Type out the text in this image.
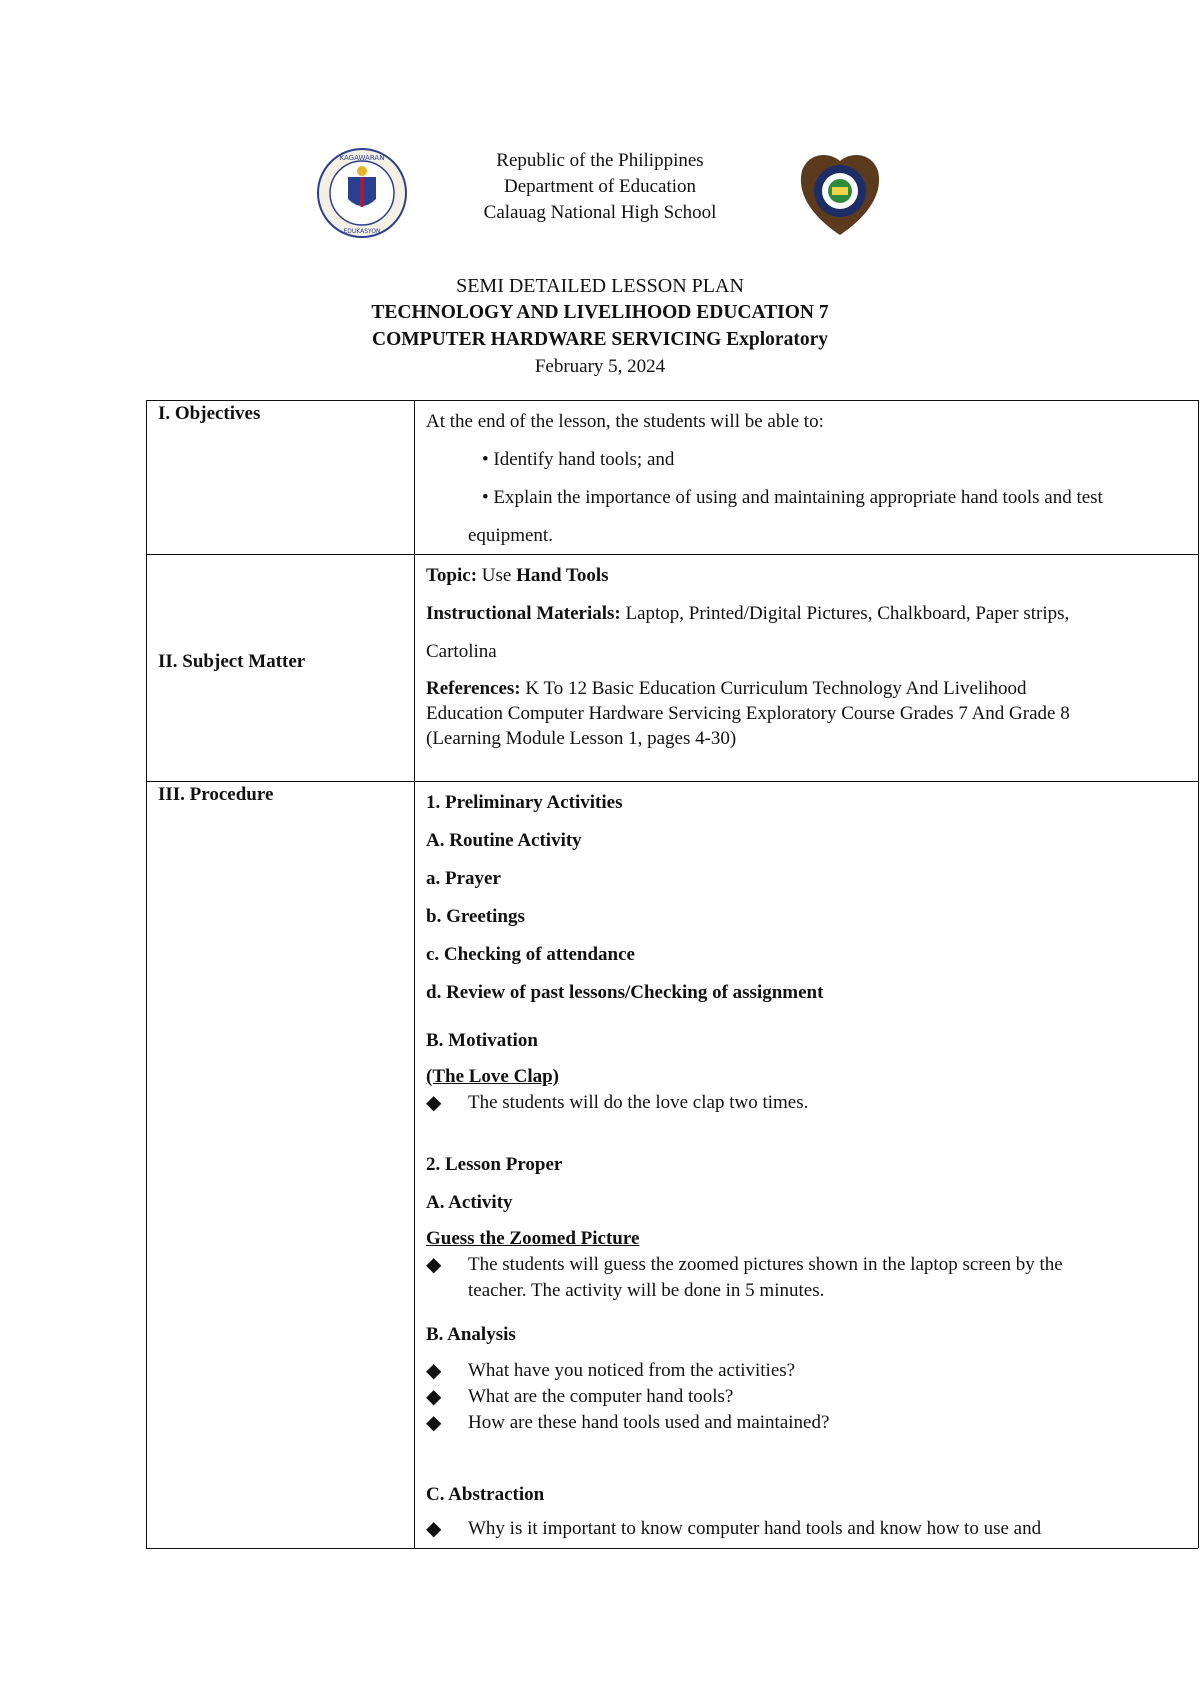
KAGAWARAN
EDUKASYON
Republic of the Philippines
Department of Education
Calauag National High School
SEMI DETAILED LESSON PLAN
TECHNOLOGY AND LIVELIHOOD EDUCATION 7
COMPUTER HARDWARE SERVICING Exploratory
February 5, 2024
I. Objectives	At the end of the lesson, the students will be able to:
• Identify hand tools; and
• Explain the importance of using and maintaining appropriate hand tools and test
equipment.
II. Subject Matter
Topic: Use Hand Tools
Instructional Materials: Laptop, Printed/Digital Pictures, Chalkboard, Paper strips,
Cartolina
References: K To 12 Basic Education Curriculum Technology And Livelihood
Education Computer Hardware Servicing Exploratory Course Grades 7 And Grade 8
(Learning Module Lesson 1, pages 4-30)
III. Procedure	1. Preliminary Activities
A. Routine Activity
a. Prayer
b. Greetings
c. Checking of attendance
d. Review of past lessons/Checking of assignment
B. Motivation
(The Love Clap)
◆ The students will do the love clap two times.
2. Lesson Proper
A. Activity
Guess the Zoomed Picture
◆ The students will guess the zoomed pictures shown in the laptop screen by the
teacher. The activity will be done in 5 minutes.
B. Analysis
◆ What have you noticed from the activities?
◆ What are the computer hand tools?
◆ How are these hand tools used and maintained?
C. Abstraction
◆ Why is it important to know computer hand tools and know how to use and
